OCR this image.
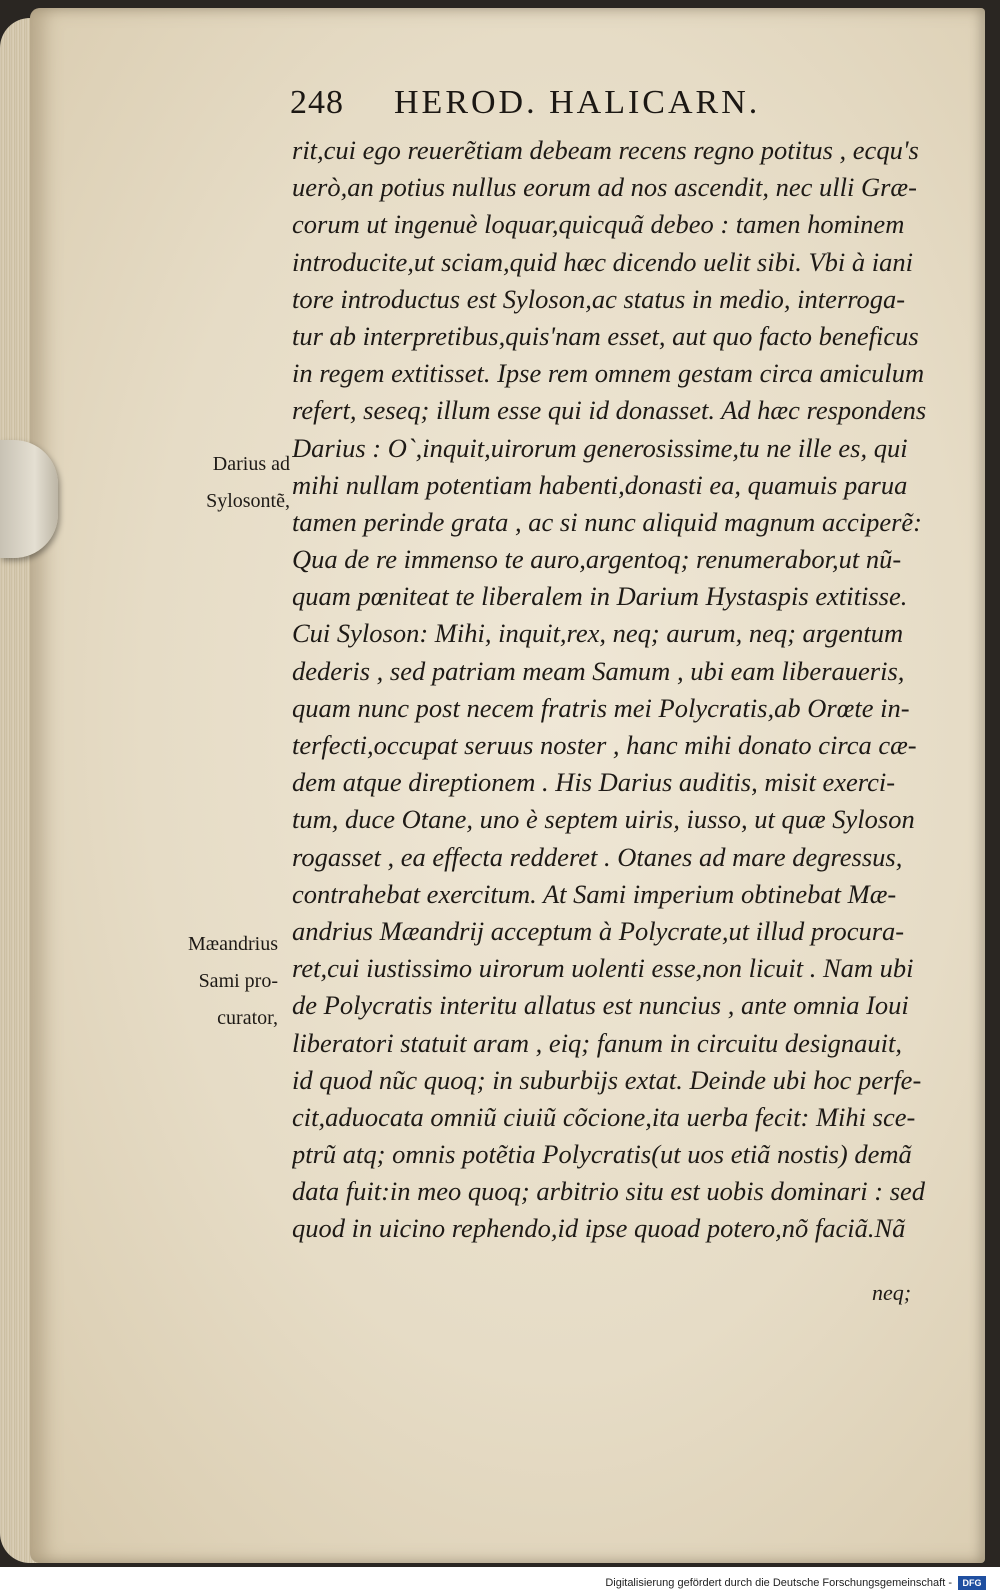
248 HEROD. HALICARN.
Darius ad
Sylosontẽ,
Mæandrius
Sami pro-
curator,
rit,cui ego reuerẽtiam debeam recens regno potitus , ecqu's
uerò,an potius nullus eorum ad nos ascendit, nec ulli Græ-
corum ut ingenuè loquar,quicquã debeo : tamen hominem
introducite,ut sciam,quid hæc dicendo uelit sibi. Vbi à iani
tore introductus est Syloson,ac status in medio, interroga-
tur ab interpretibus,quis'nam esset, aut quo facto beneficus
in regem extitisset. Ipse rem omnem gestam circa amiculum
refert, seseq; illum esse qui id donasset. Ad hæc respondens
Darius : O`,inquit,uirorum generosissime,tu ne ille es, qui
mihi nullam potentiam habenti,donasti ea, quamuis parua
tamen perinde grata , ac si nunc aliquid magnum acciperẽ:
Qua de re immenso te auro,argentoq; renumerabor,ut nũ-
quam pœniteat te liberalem in Darium Hystaspis extitisse.
Cui Syloson: Mihi, inquit,rex, neq; aurum, neq; argentum
dederis , sed patriam meam Samum , ubi eam liberaueris,
quam nunc post necem fratris mei Polycratis,ab Orœte in-
terfecti,occupat seruus noster , hanc mihi donato circa cæ-
dem atque direptionem . His Darius auditis, misit exerci-
tum, duce Otane, uno è septem uiris, iusso, ut quæ Syloson
rogasset , ea effecta redderet . Otanes ad mare degressus,
contrahebat exercitum. At Sami imperium obtinebat Mæ-
andrius Mæandrij acceptum à Polycrate,ut illud procura-
ret,cui iustissimo uirorum uolenti esse,non licuit . Nam ubi
de Polycratis interitu allatus est nuncius , ante omnia Ioui
liberatori statuit aram , eiq; fanum in circuitu designauit,
id quod nũc quoq; in suburbijs extat. Deinde ubi hoc perfe-
cit,aduocata omniũ ciuiũ cõcione,ita uerba fecit: Mihi sce-
ptrũ atq; omnis potẽtia Polycratis(ut uos etiã nostis) demã
data fuit:in meo quoq; arbitrio situ est uobis dominari : sed
quod in uicino rephendo,id ipse quoad potero,nõ faciã.Nã
neq;
Digitalisierung gefördert durch die Deutsche Forschungsgemeinschaft -	DFG
